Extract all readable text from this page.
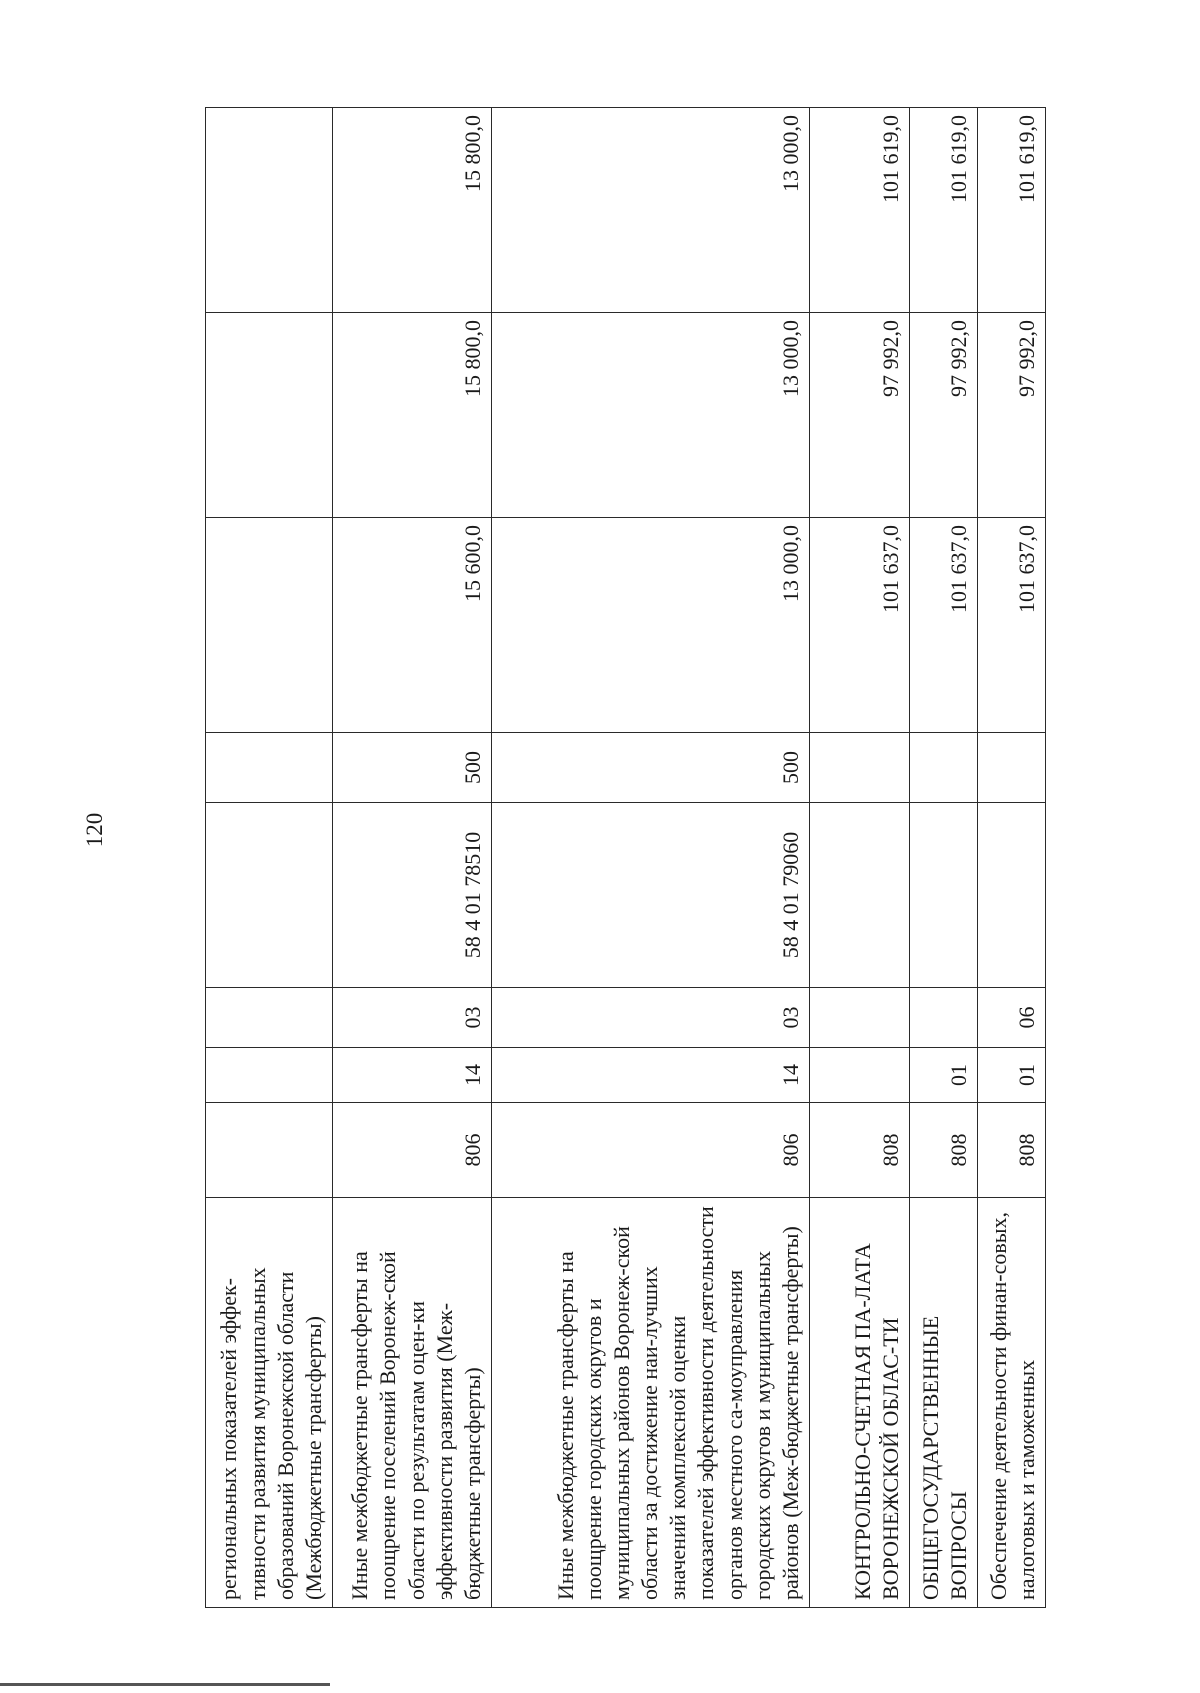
120
региональных показателей эффек-тивности развития муниципальных образований Воронежской области (Межбюджетные трансферты)								
Иные межбюджетные трансферты на поощрение поселений Воронеж-ской области по результатам оцен-ки эффективности развития (Меж-бюджетные трансферты)	806	14	03	58 4 01 78510	500	15 600,0	15 800,0	15 800,0
Иные межбюджетные трансферты на поощрение городских округов и муниципальных районов Воронеж-ской области за достижение наи-лучших значений комплексной оценки показателей эффективности деятельности органов местного са-моуправления городских округов и муниципальных районов (Меж-бюджетные трансферты)	806	14	03	58 4 01 79060	500	13 000,0	13 000,0	13 000,0
КОНТРОЛЬНО-СЧЕТНАЯ ПА-ЛАТА ВОРОНЕЖСКОЙ ОБЛАС-ТИ	808					101 637,0	97 992,0	101 619,0
ОБЩЕГОСУДАРСТВЕННЫЕ ВОПРОСЫ	808	01				101 637,0	97 992,0	101 619,0
Обеспечение деятельности финан-совых, налоговых и таможенных	808	01	06			101 637,0	97 992,0	101 619,0
